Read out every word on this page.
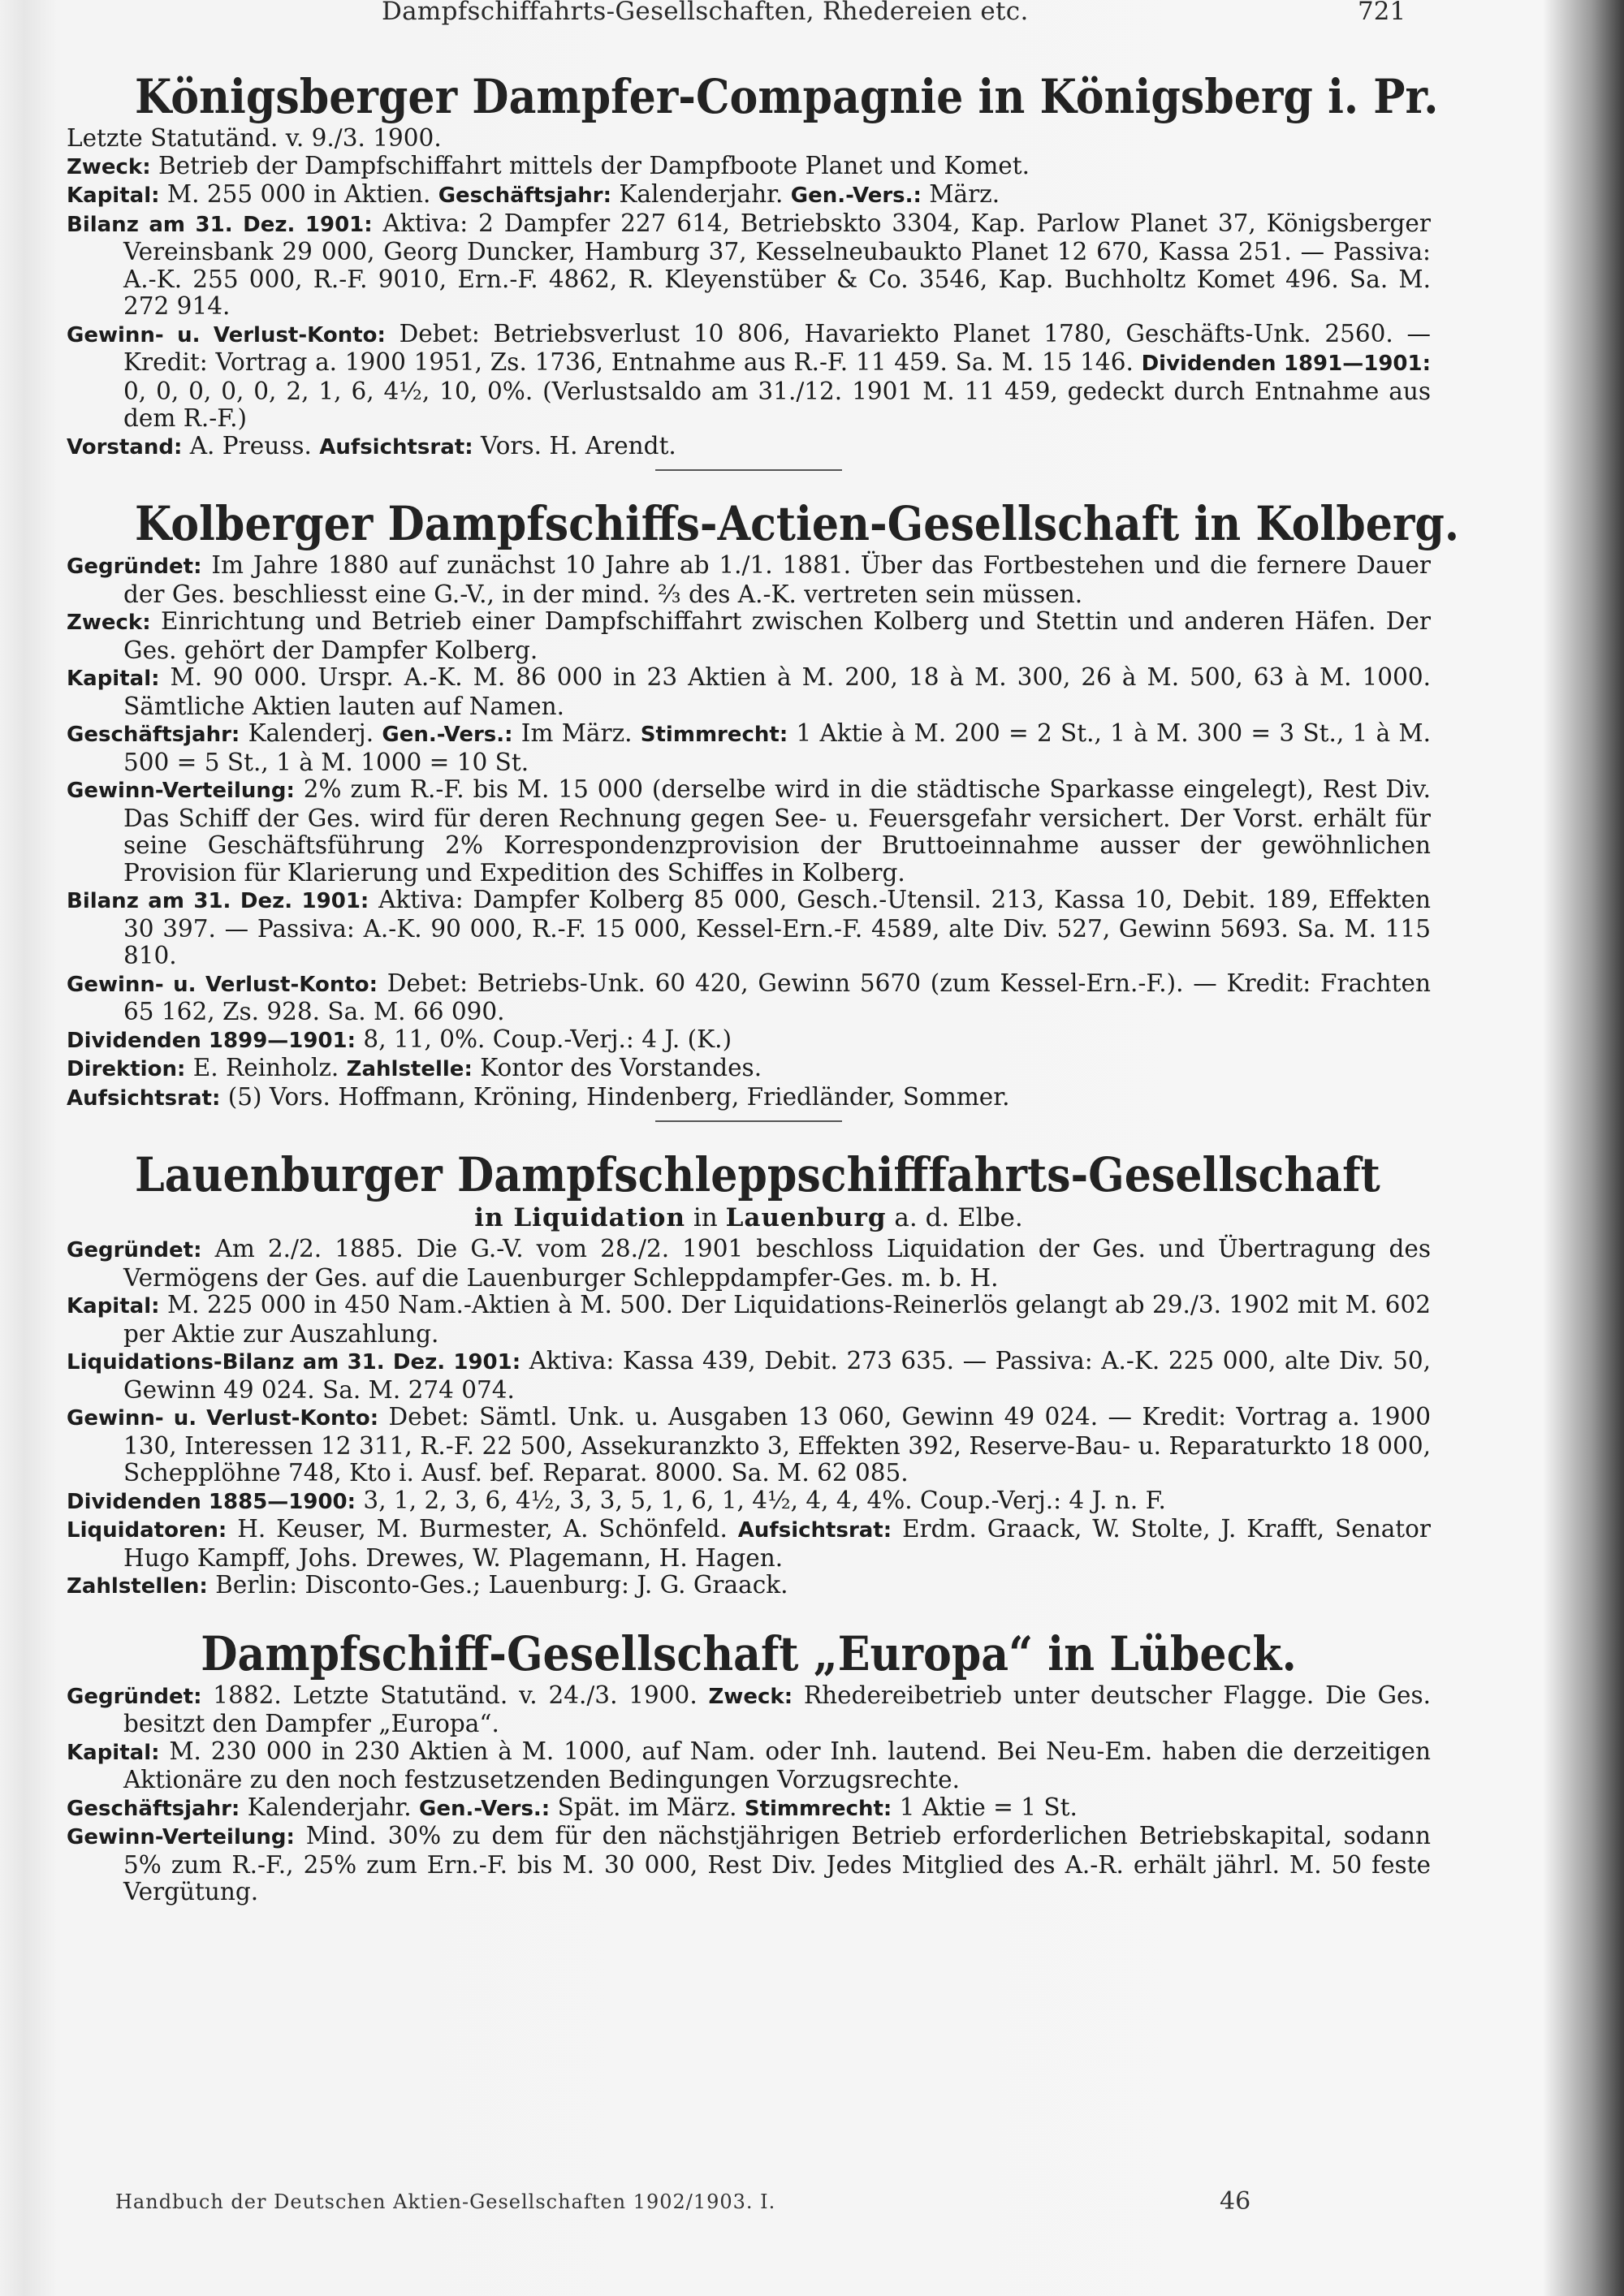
Dampfschiffahrts-Gesellschaften, Rhedereien etc.	721
Königsberger Dampfer-Compagnie in Königsberg i. Pr.

Letzte Statutänd. v. 9./3. 1900.

Zweck: Betrieb der Dampfschiffahrt mittels der Dampfboote Planet und Komet.

Kapital: M. 255 000 in Aktien. Geschäftsjahr: Kalenderjahr. Gen.-Vers.: März.

Bilanz am 31. Dez. 1901: Aktiva: 2 Dampfer 227 614, Betriebskto 3304, Kap. Parlow Planet 37, Königsberger Vereinsbank 29 000, Georg Duncker, Hamburg 37, Kesselneubaukto Planet 12 670, Kassa 251. — Passiva: A.-K. 255 000, R.-F. 9010, Ern.-F. 4862, R. Kleyenstüber & Co. 3546, Kap. Buchholtz Komet 496. Sa. M. 272 914.

Gewinn- u. Verlust-Konto: Debet: Betriebsverlust 10 806, Havariekto Planet 1780, Geschäfts-Unk. 2560. — Kredit: Vortrag a. 1900 1951, Zs. 1736, Entnahme aus R.-F. 11 459. Sa. M. 15 146. Dividenden 1891—1901: 0, 0, 0, 0, 0, 2, 1, 6, 4½, 10, 0%. (Verlustsaldo am 31./12. 1901 M. 11 459, gedeckt durch Entnahme aus dem R.-F.)

Vorstand: A. Preuss. Aufsichtsrat: Vors. H. Arendt.

Kolberger Dampfschiffs-Actien-Gesellschaft in Kolberg.

Gegründet: Im Jahre 1880 auf zunächst 10 Jahre ab 1./1. 1881. Über das Fortbestehen und die fernere Dauer der Ges. beschliesst eine G.-V., in der mind. ⅔ des A.-K. vertreten sein müssen.

Zweck: Einrichtung und Betrieb einer Dampfschiffahrt zwischen Kolberg und Stettin und anderen Häfen. Der Ges. gehört der Dampfer Kolberg.

Kapital: M. 90 000. Urspr. A.-K. M. 86 000 in 23 Aktien à M. 200, 18 à M. 300, 26 à M. 500, 63 à M. 1000. Sämtliche Aktien lauten auf Namen.

Geschäftsjahr: Kalenderj. Gen.-Vers.: Im März. Stimmrecht: 1 Aktie à M. 200 = 2 St., 1 à M. 300 = 3 St., 1 à M. 500 = 5 St., 1 à M. 1000 = 10 St.

Gewinn-Verteilung: 2% zum R.-F. bis M. 15 000 (derselbe wird in die städtische Sparkasse eingelegt), Rest Div. Das Schiff der Ges. wird für deren Rechnung gegen See- u. Feuersgefahr versichert. Der Vorst. erhält für seine Geschäftsführung 2% Korrespondenzprovision der Bruttoeinnahme ausser der gewöhnlichen Provision für Klarierung und Expedition des Schiffes in Kolberg.

Bilanz am 31. Dez. 1901: Aktiva: Dampfer Kolberg 85 000, Gesch.-Utensil. 213, Kassa 10, Debit. 189, Effekten 30 397. — Passiva: A.-K. 90 000, R.-F. 15 000, Kessel-Ern.-F. 4589, alte Div. 527, Gewinn 5693. Sa. M. 115 810.

Gewinn- u. Verlust-Konto: Debet: Betriebs-Unk. 60 420, Gewinn 5670 (zum Kessel-Ern.-F.). — Kredit: Frachten 65 162, Zs. 928. Sa. M. 66 090.

Dividenden 1899—1901: 8, 11, 0%. Coup.-Verj.: 4 J. (K.)

Direktion: E. Reinholz. Zahlstelle: Kontor des Vorstandes.

Aufsichtsrat: (5) Vors. Hoffmann, Kröning, Hindenberg, Friedländer, Sommer.

Lauenburger Dampfschleppschifffahrts-Gesellschaft

in Liquidation in Lauenburg a. d. Elbe.

Gegründet: Am 2./2. 1885. Die G.-V. vom 28./2. 1901 beschloss Liquidation der Ges. und Übertragung des Vermögens der Ges. auf die Lauenburger Schleppdampfer-Ges. m. b. H.

Kapital: M. 225 000 in 450 Nam.-Aktien à M. 500. Der Liquidations-Reinerlös gelangt ab 29./3. 1902 mit M. 602 per Aktie zur Auszahlung.

Liquidations-Bilanz am 31. Dez. 1901: Aktiva: Kassa 439, Debit. 273 635. — Passiva: A.-K. 225 000, alte Div. 50, Gewinn 49 024. Sa. M. 274 074.

Gewinn- u. Verlust-Konto: Debet: Sämtl. Unk. u. Ausgaben 13 060, Gewinn 49 024. — Kredit: Vortrag a. 1900 130, Interessen 12 311, R.-F. 22 500, Assekuranzkto 3, Effekten 392, Reserve-Bau- u. Reparaturkto 18 000, Schepplöhne 748, Kto i. Ausf. bef. Reparat. 8000. Sa. M. 62 085.

Dividenden 1885—1900: 3, 1, 2, 3, 6, 4½, 3, 3, 5, 1, 6, 1, 4½, 4, 4, 4%. Coup.-Verj.: 4 J. n. F.

Liquidatoren: H. Keuser, M. Burmester, A. Schönfeld. Aufsichtsrat: Erdm. Graack, W. Stolte, J. Krafft, Senator Hugo Kampff, Johs. Drewes, W. Plagemann, H. Hagen.

Zahlstellen: Berlin: Disconto-Ges.; Lauenburg: J. G. Graack.

Dampfschiff-Gesellschaft „Europa“ in Lübeck.

Gegründet: 1882. Letzte Statutänd. v. 24./3. 1900. Zweck: Rhedereibetrieb unter deutscher Flagge. Die Ges. besitzt den Dampfer „Europa“.

Kapital: M. 230 000 in 230 Aktien à M. 1000, auf Nam. oder Inh. lautend. Bei Neu-Em. haben die derzeitigen Aktionäre zu den noch festzusetzenden Bedingungen Vorzugsrechte.

Geschäftsjahr: Kalenderjahr. Gen.-Vers.: Spät. im März. Stimmrecht: 1 Aktie = 1 St.

Gewinn-Verteilung: Mind. 30% zu dem für den nächstjährigen Betrieb erforderlichen Betriebskapital, sodann 5% zum R.-F., 25% zum Ern.-F. bis M. 30 000, Rest Div. Jedes Mitglied des A.-R. erhält jährl. M. 50 feste Vergütung.

Handbuch der Deutschen Aktien-Gesellschaften 1902/1903. I.	46
